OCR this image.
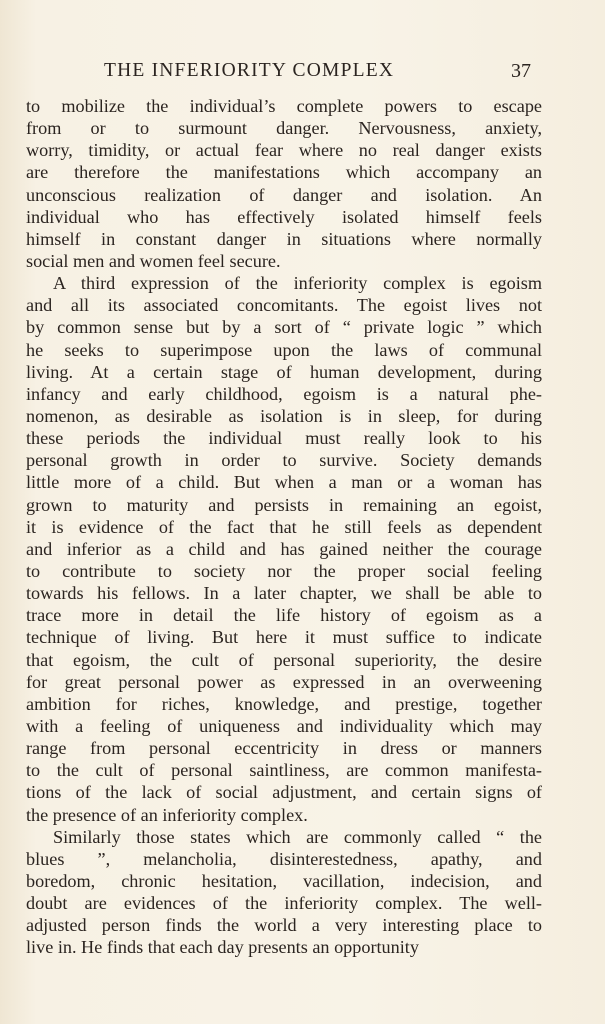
THE INFERIORITY COMPLEX	37
to mobilize the individual’s complete powers to escape
from or to surmount danger. Nervousness, anxiety,
worry, timidity, or actual fear where no real danger exists
are therefore the manifestations which accompany an
unconscious realization of danger and isolation. An
individual who has effectively isolated himself feels
himself in constant danger in situations where normally
social men and women feel secure.
A third expression of the inferiority complex is egoism
and all its associated concomitants. The egoist lives not
by common sense but by a sort of “ private logic ” which
he seeks to superimpose upon the laws of communal
living. At a certain stage of human development, during
infancy and early childhood, egoism is a natural phe-
nomenon, as desirable as isolation is in sleep, for during
these periods the individual must really look to his
personal growth in order to survive. Society demands
little more of a child. But when a man or a woman has
grown to maturity and persists in remaining an egoist,
it is evidence of the fact that he still feels as dependent
and inferior as a child and has gained neither the courage
to contribute to society nor the proper social feeling
towards his fellows. In a later chapter, we shall be able to
trace more in detail the life history of egoism as a
technique of living. But here it must suffice to indicate
that egoism, the cult of personal superiority, the desire
for great personal power as expressed in an overweening
ambition for riches, knowledge, and prestige, together
with a feeling of uniqueness and individuality which may
range from personal eccentricity in dress or manners
to the cult of personal saintliness, are common manifesta-
tions of the lack of social adjustment, and certain signs of
the presence of an inferiority complex.
Similarly those states which are commonly called “ the
blues ”, melancholia, disinterestedness, apathy, and
boredom, chronic hesitation, vacillation, indecision, and
doubt are evidences of the inferiority complex. The well-
adjusted person finds the world a very interesting place to
live in. He finds that each day presents an opportunity
